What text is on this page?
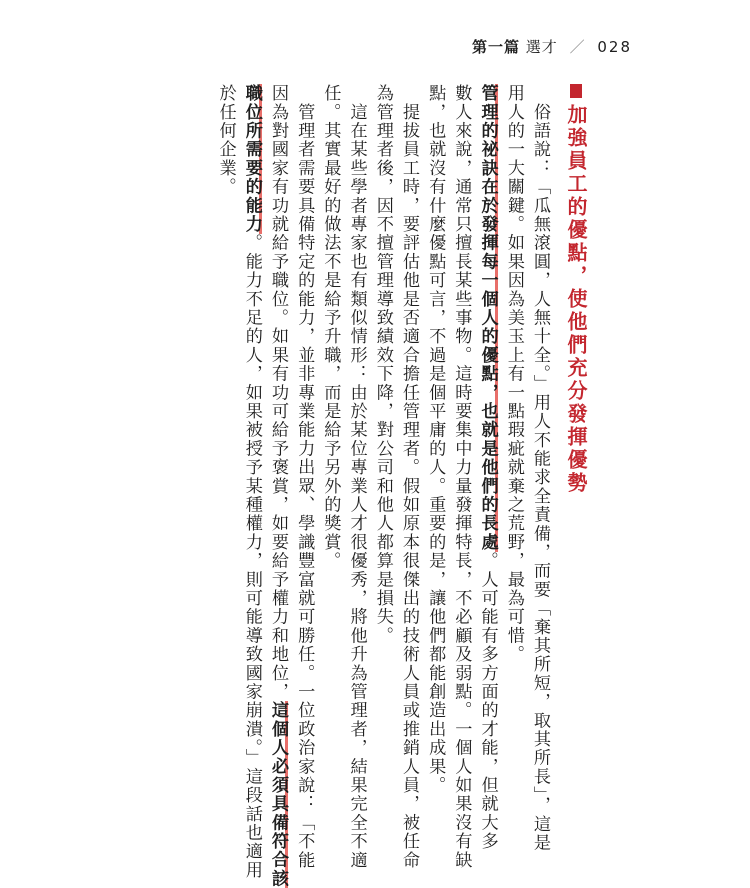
第一篇 選才 ／ 028
加強員工的優點，使他們充分發揮優勢
　俗語說：「瓜無滾圓，人無十全。」用人不能求全責備，而要「棄其所短，取其所長」，這是
用人的一大關鍵。如果因為美玉上有一點瑕疵就棄之荒野，最為可惜。
管理的祕訣在於發揮每一個人的優點，也就是他們的長處。人可能有多方面的才能，但就大多
數人來說，通常只擅長某些事物。這時要集中力量發揮特長，不必顧及弱點。一個人如果沒有缺
點，也就沒有什麼優點可言，不過是個平庸的人。重要的是，讓他們都能創造出成果。
　提拔員工時，要評估他是否適合擔任管理者。假如原本很傑出的技術人員或推銷人員，被任命
為管理者後，因不擅管理導致績效下降，對公司和他人都算是損失。
　這在某些學者專家也有類似情形：由於某位專業人才很優秀，將他升為管理者，結果完全不適
任。其實最好的做法不是給予升職，而是給予另外的獎賞。
　管理者需要具備特定的能力，並非專業能力出眾、學識豐富就可勝任。一位政治家說：「不能
因為對國家有功就給予職位。如果有功可給予褒賞，如要給予權力和地位，這個人必須具備符合該
職位所需要的能力。能力不足的人，如果被授予某種權力，則可能導致國家崩潰。」這段話也適用
於任何企業。
